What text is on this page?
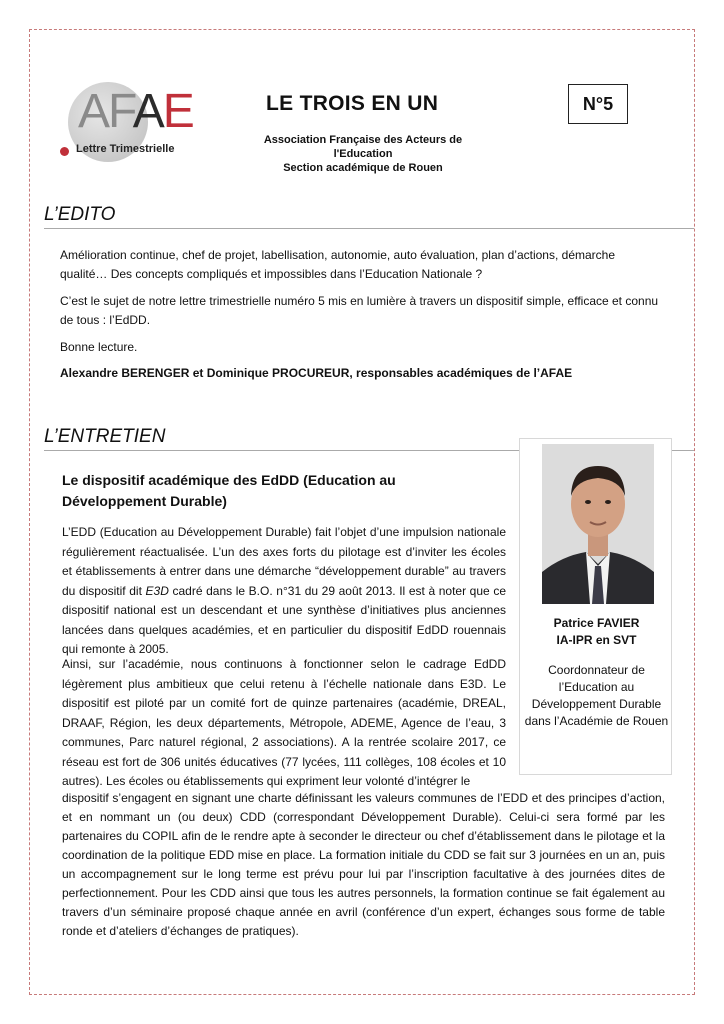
AFAE
Lettre Trimestrielle
LE TROIS EN UN
Association Française des Acteurs de l'Education
Section académique de Rouen
N°5
L’EDITO
Amélioration continue, chef de projet, labellisation, autonomie, auto évaluation, plan d’actions, démarche qualité… Des concepts compliqués et impossibles dans l’Education Nationale ?
C’est le sujet de notre lettre trimestrielle numéro 5 mis en lumière à travers un dispositif simple, efficace et connu de tous : l’EdDD.
Bonne lecture.
Alexandre BERENGER et Dominique PROCUREUR, responsables académiques de l’AFAE
L’ENTRETIEN
Le dispositif académique des EdDD (Education au Développement Durable)
L’EDD (Education au Développement Durable) fait l’objet d’une impulsion nationale régulièrement réactualisée. L’un des axes forts du pilotage est d’inviter les écoles et établissements à entrer dans une démarche “développement durable” au travers du dispositif dit E3D cadré dans le B.O. n°31 du 29 août 2013. Il est à noter que ce dispositif national est un descendant et une synthèse d’initiatives plus anciennes lancées dans quelques académies, et en particulier du dispositif EdDD rouennais qui remonte à 2005.
Ainsi, sur l’académie, nous continuons à fonctionner selon le cadrage EdDD légèrement plus ambitieux que celui retenu à l’échelle nationale dans E3D. Le dispositif est piloté par un comité fort de quinze partenaires (académie, DREAL, DRAAF, Région, les deux départements, Métropole, ADEME, Agence de l’eau, 3 communes, Parc naturel régional, 2 associations). A la rentrée scolaire 2017, ce réseau est fort de 306 unités éducatives (77 lycées, 111 collèges, 108 écoles et 10 autres). Les écoles ou établissements qui expriment leur volonté d’intégrer le
dispositif s’engagent en signant une charte définissant les valeurs communes de l’EDD et des principes d’action, et en nommant un (ou deux) CDD (correspondant Développement Durable). Celui-ci sera formé par les partenaires du COPIL afin de le rendre apte à seconder le directeur ou chef d’établissement dans le pilotage et la coordination de la politique EDD mise en place. La formation initiale du CDD se fait sur 3 journées en un an, puis un accompagnement sur le long terme est prévu pour lui par l’inscription facultative à des journées dites de perfectionnement. Pour les CDD ainsi que tous les autres personnels, la formation continue se fait également au travers d’un séminaire proposé chaque année en avril (conférence d’un expert, échanges sous forme de table ronde et d’ateliers d’échanges de pratiques).
Patrice FAVIER
IA-IPR en SVT
Coordonnateur de l’Education au Développement Durable dans l’Académie de Rouen
